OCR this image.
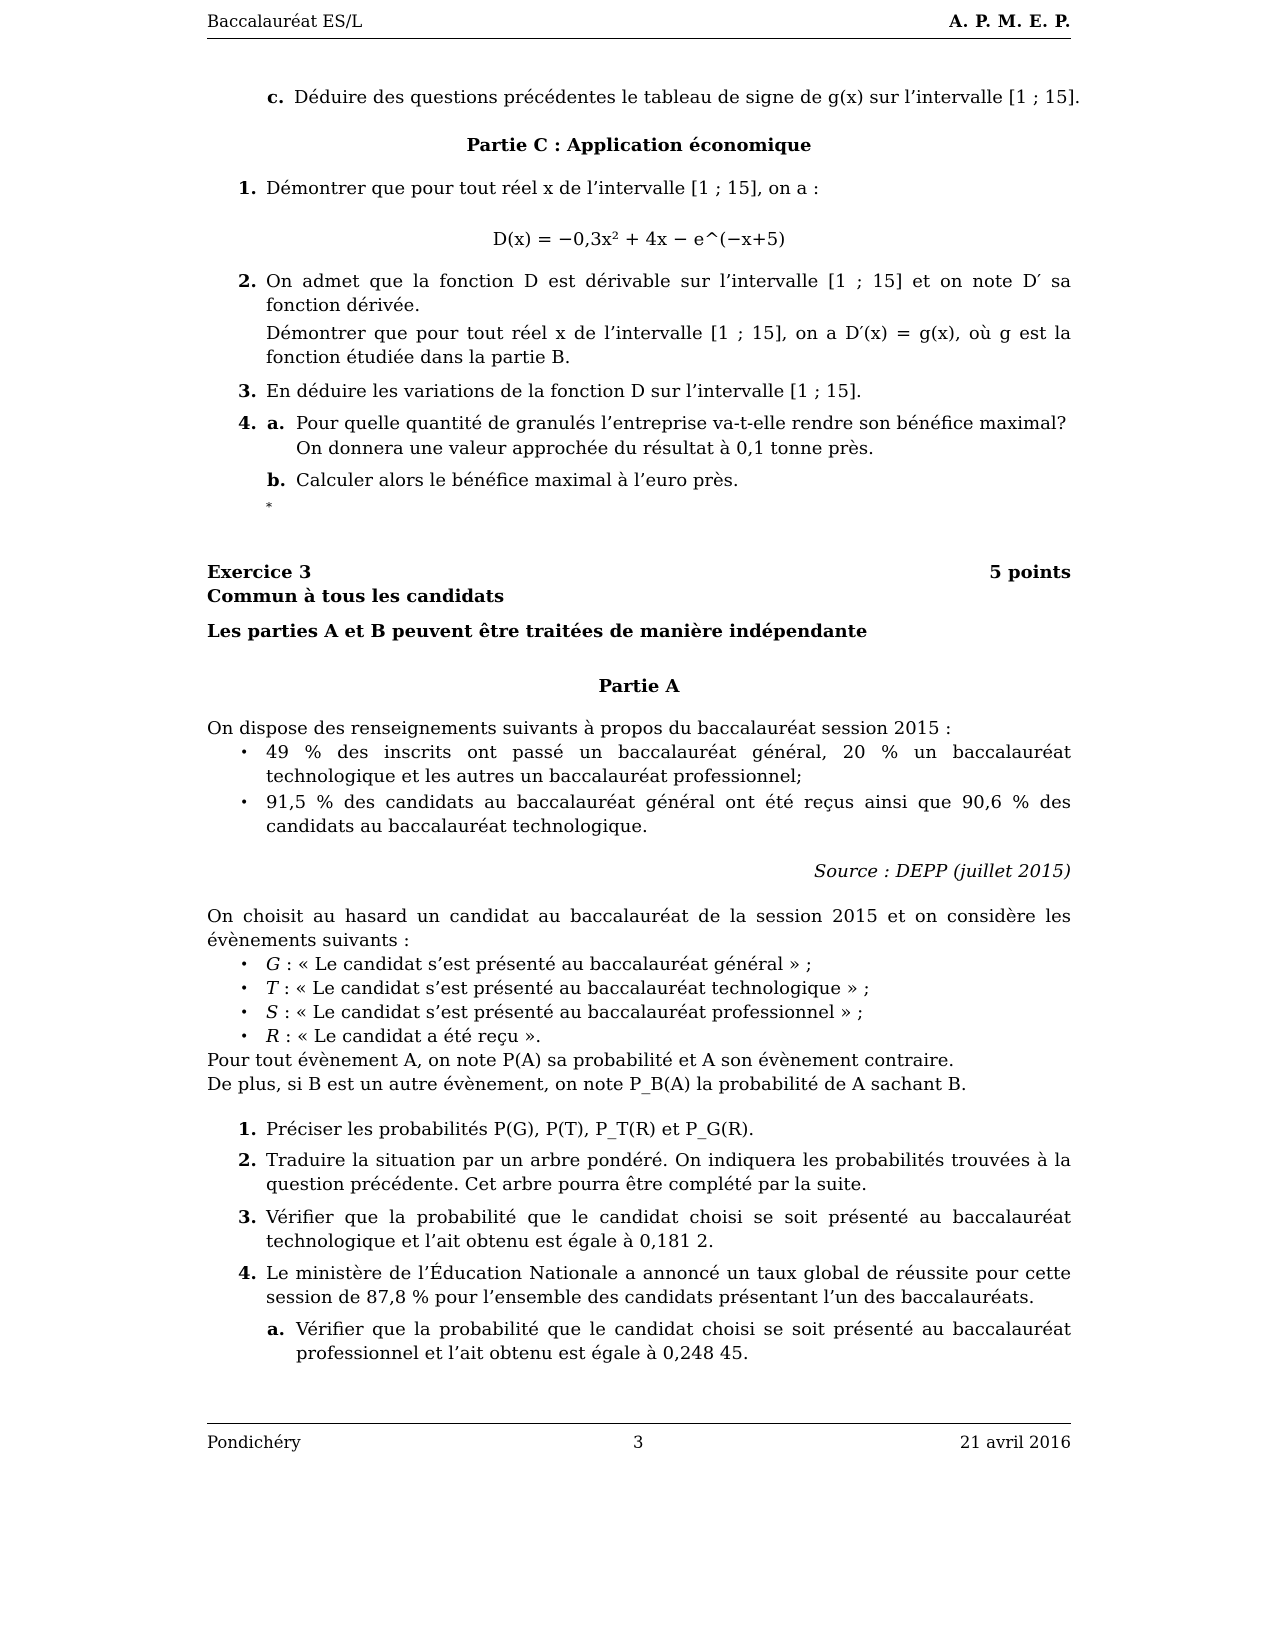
Baccalauréat ES/L	A. P. M. E. P.
c. Déduire des questions précédentes le tableau de signe de g(x) sur l’intervalle [1 ; 15].
Partie C : Application économique
1. Démontrer que pour tout réel x de l’intervalle [1 ; 15], on a :
D(x) = −0,3x² + 4x − e^(−x+5)
2. On admet que la fonction D est dérivable sur l’intervalle [1 ; 15] et on note D′ sa fonction dérivée.
Démontrer que pour tout réel x de l’intervalle [1 ; 15], on a D′(x) = g(x), où g est la fonction étudiée dans la partie B.
3. En déduire les variations de la fonction D sur l’intervalle [1 ; 15].
4. a. Pour quelle quantité de granulés l’entreprise va-t-elle rendre son bénéfice maximal?
On donnera une valeur approchée du résultat à 0,1 tonne près.
b. Calculer alors le bénéfice maximal à l’euro près.
*
Exercice 3	5 points
Commun à tous les candidats
Les parties A et B peuvent être traitées de manière indépendante
Partie A
On dispose des renseignements suivants à propos du baccalauréat session 2015 :
• 49 % des inscrits ont passé un baccalauréat général, 20 % un baccalauréat technologique et les autres un baccalauréat professionnel;
• 91,5 % des candidats au baccalauréat général ont été reçus ainsi que 90,6 % des candidats au baccalauréat technologique.
Source : DEPP (juillet 2015)
On choisit au hasard un candidat au baccalauréat de la session 2015 et on considère les évènements suivants :
• G : « Le candidat s’est présenté au baccalauréat général » ;
• T : « Le candidat s’est présenté au baccalauréat technologique » ;
• S : « Le candidat s’est présenté au baccalauréat professionnel » ;
• R : « Le candidat a été reçu ».
Pour tout évènement A, on note P(A) sa probabilité et A son évènement contraire.
De plus, si B est un autre évènement, on note P_B(A) la probabilité de A sachant B.
1. Préciser les probabilités P(G), P(T), P_T(R) et P_G(R).
2. Traduire la situation par un arbre pondéré. On indiquera les probabilités trouvées à la question précédente. Cet arbre pourra être complété par la suite.
3. Vérifier que la probabilité que le candidat choisi se soit présenté au baccalauréat technologique et l’ait obtenu est égale à 0,181 2.
4. Le ministère de l’Éducation Nationale a annoncé un taux global de réussite pour cette session de 87,8 % pour l’ensemble des candidats présentant l’un des baccalauréats.
a. Vérifier que la probabilité que le candidat choisi se soit présenté au baccalauréat professionnel et l’ait obtenu est égale à 0,248 45.
Pondichéry	3	21 avril 2016
